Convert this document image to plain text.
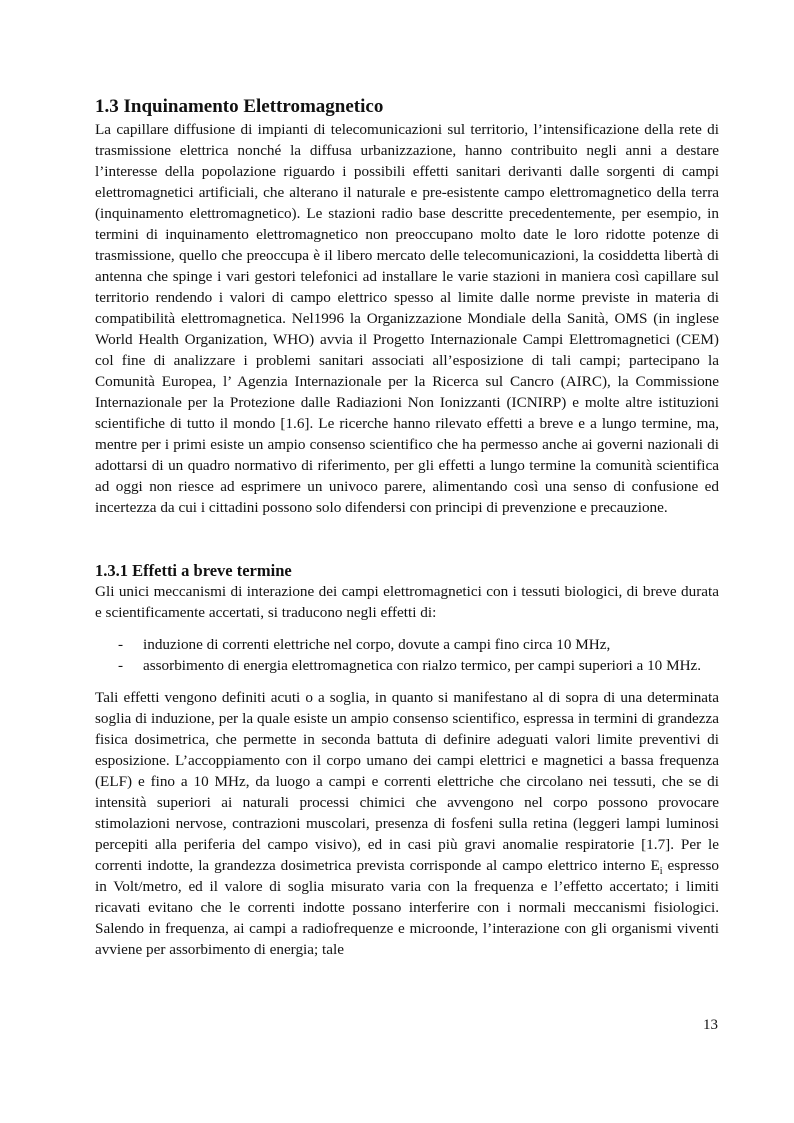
1.3 Inquinamento Elettromagnetico

La capillare diffusione di impianti di telecomunicazioni sul territorio, l’intensificazione della rete di trasmissione elettrica nonché la diffusa urbanizzazione, hanno contribuito negli anni a destare l’interesse della popolazione riguardo i possibili effetti sanitari derivanti dalle sorgenti di campi elettromagnetici artificiali, che alterano il naturale e pre-esistente campo elettromagnetico della terra (inquinamento elettromagnetico). Le stazioni radio base descritte precedentemente, per esempio, in termini di inquinamento elettromagnetico non preoccupano molto date le loro ridotte potenze di trasmissione, quello che preoccupa è il libero mercato delle telecomunicazioni, la cosiddetta libertà di antenna che spinge i vari gestori telefonici ad installare le varie stazioni in maniera così capillare sul territorio rendendo i valori di campo elettrico spesso al limite dalle norme previste in materia di compatibilità elettromagnetica. Nel1996 la Organizzazione Mondiale della Sanità, OMS (in inglese World Health Organization, WHO) avvia il Progetto Internazionale Campi Elettromagnetici (CEM) col fine di analizzare i problemi sanitari associati all’esposizione di tali campi; partecipano la Comunità Europea, l’ Agenzia Internazionale per la Ricerca sul Cancro (AIRC), la Commissione Internazionale per la Protezione dalle Radiazioni Non Ionizzanti (ICNIRP) e molte altre istituzioni scientifiche di tutto il mondo [1.6]. Le ricerche hanno rilevato effetti a breve e a lungo termine, ma, mentre per i primi esiste un ampio consenso scientifico che ha permesso anche ai governi nazionali di adottarsi di un quadro normativo di riferimento, per gli effetti a lungo termine la comunità scientifica ad oggi non riesce ad esprimere un univoco parere, alimentando così una senso di confusione ed incertezza da cui i cittadini possono solo difendersi con principi di prevenzione e precauzione.

1.3.1 Effetti a breve termine

Gli unici meccanismi di interazione dei campi elettromagnetici con i tessuti biologici, di breve durata e scientificamente accertati, si traducono negli effetti di:

- induzione di correnti elettriche nel corpo, dovute a campi fino circa 10 MHz,
- assorbimento di energia elettromagnetica con rialzo termico, per campi superiori a 10 MHz.

Tali effetti vengono definiti acuti o a soglia, in quanto si manifestano al di sopra di una determinata soglia di induzione, per la quale esiste un ampio consenso scientifico, espressa in termini di grandezza fisica dosimetrica, che permette in seconda battuta di definire adeguati valori limite preventivi di esposizione. L’accoppiamento con il corpo umano dei campi elettrici e magnetici a bassa frequenza (ELF) e fino a 10 MHz, da luogo a campi e correnti elettriche che circolano nei tessuti, che se di intensità superiori ai naturali processi chimici che avvengono nel corpo possono provocare stimolazioni nervose, contrazioni muscolari, presenza di fosfeni sulla retina (leggeri lampi luminosi percepiti alla periferia del campo visivo), ed in casi più gravi anomalie respiratorie [1.7]. Per le correnti indotte, la grandezza dosimetrica prevista corrisponde al campo elettrico interno $E_i$ espresso in Volt/metro, ed il valore di soglia misurato varia con la frequenza e l’effetto accertato; i limiti ricavati evitano che le correnti indotte possano interferire con i normali meccanismi fisiologici. Salendo in frequenza, ai campi a radiofrequenze e microonde, l’interazione con gli organismi viventi avviene per assorbimento di energia; tale

13
